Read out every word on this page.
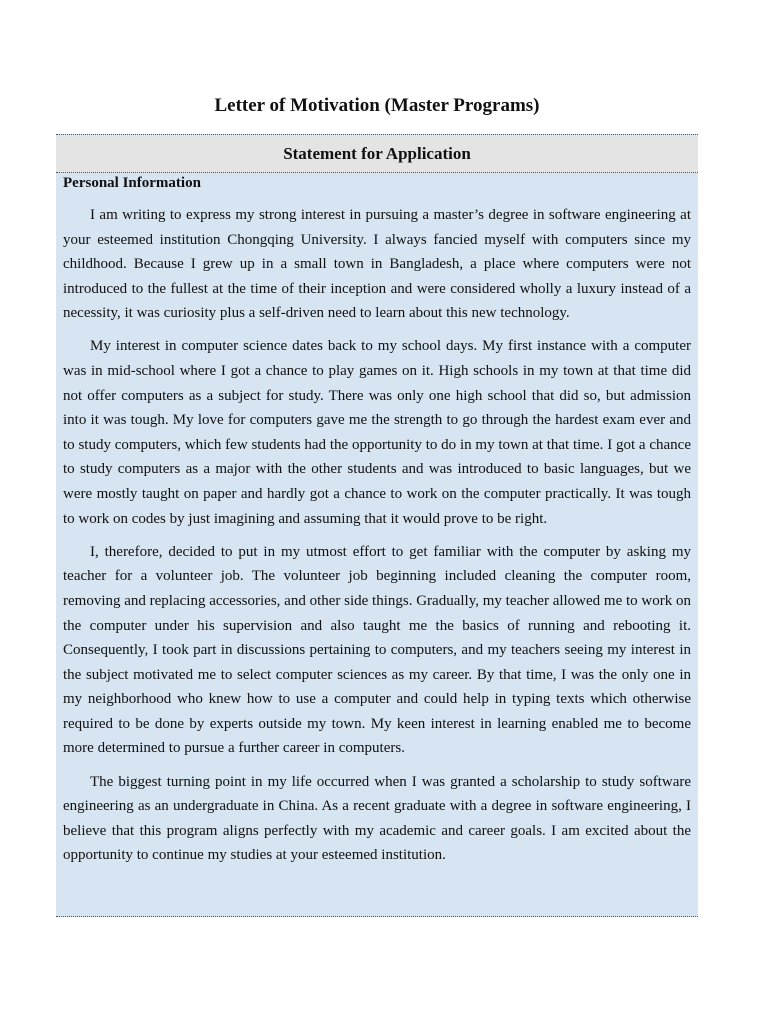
Letter of Motivation (Master Programs)
Statement for Application
Personal Information

I am writing to express my strong interest in pursuing a master’s degree in software engineering at your esteemed institution Chongqing University. I always fancied myself with computers since my childhood. Because I grew up in a small town in Bangladesh, a place where computers were not introduced to the fullest at the time of their inception and were considered wholly a luxury instead of a necessity, it was curiosity plus a self-driven need to learn about this new technology.

My interest in computer science dates back to my school days. My first instance with a computer was in mid-school where I got a chance to play games on it. High schools in my town at that time did not offer computers as a subject for study. There was only one high school that did so, but admission into it was tough. My love for computers gave me the strength to go through the hardest exam ever and to study computers, which few students had the opportunity to do in my town at that time. I got a chance to study computers as a major with the other students and was introduced to basic languages, but we were mostly taught on paper and hardly got a chance to work on the computer practically. It was tough to work on codes by just imagining and assuming that it would prove to be right.

I, therefore, decided to put in my utmost effort to get familiar with the computer by asking my teacher for a volunteer job. The volunteer job beginning included cleaning the computer room, removing and replacing accessories, and other side things. Gradually, my teacher allowed me to work on the computer under his supervision and also taught me the basics of running and rebooting it. Consequently, I took part in discussions pertaining to computers, and my teachers seeing my interest in the subject motivated me to select computer sciences as my career. By that time, I was the only one in my neighborhood who knew how to use a computer and could help in typing texts which otherwise required to be done by experts outside my town. My keen interest in learning enabled me to become more determined to pursue a further career in computers.

The biggest turning point in my life occurred when I was granted a scholarship to study software engineering as an undergraduate in China. As a recent graduate with a degree in software engineering, I believe that this program aligns perfectly with my academic and career goals. I am excited about the opportunity to continue my studies at your esteemed institution.
